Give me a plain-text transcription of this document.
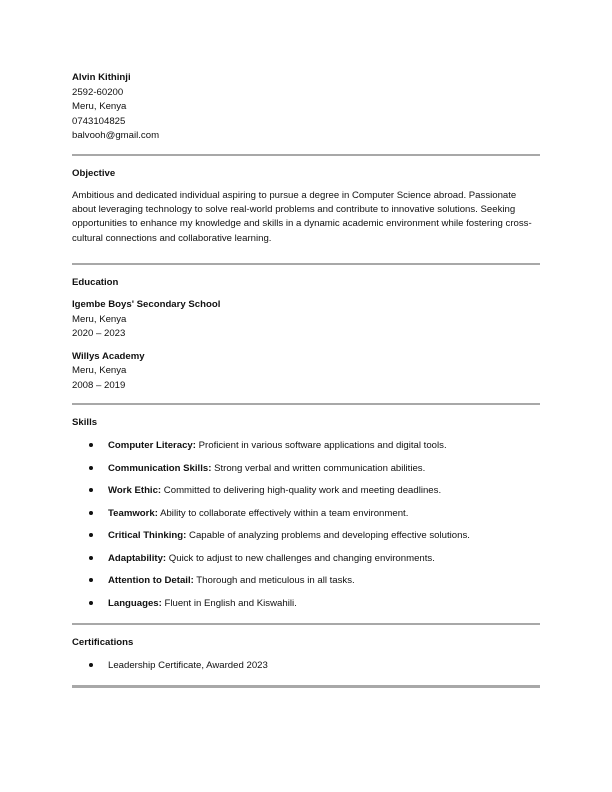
Alvin Kithinji
2592-60200
Meru, Kenya
0743104825
balvooh@gmail.com
Objective
Ambitious and dedicated individual aspiring to pursue a degree in Computer Science abroad. Passionate about leveraging technology to solve real-world problems and contribute to innovative solutions. Seeking opportunities to enhance my knowledge and skills in a dynamic academic environment while fostering cross-cultural connections and collaborative learning.
Education
Igembe Boys' Secondary School
Meru, Kenya
2020 – 2023
Willys Academy
Meru, Kenya
2008 – 2019
Skills
Computer Literacy: Proficient in various software applications and digital tools.
Communication Skills: Strong verbal and written communication abilities.
Work Ethic: Committed to delivering high-quality work and meeting deadlines.
Teamwork: Ability to collaborate effectively within a team environment.
Critical Thinking: Capable of analyzing problems and developing effective solutions.
Adaptability: Quick to adjust to new challenges and changing environments.
Attention to Detail: Thorough and meticulous in all tasks.
Languages: Fluent in English and Kiswahili.
Certifications
Leadership Certificate, Awarded 2023
